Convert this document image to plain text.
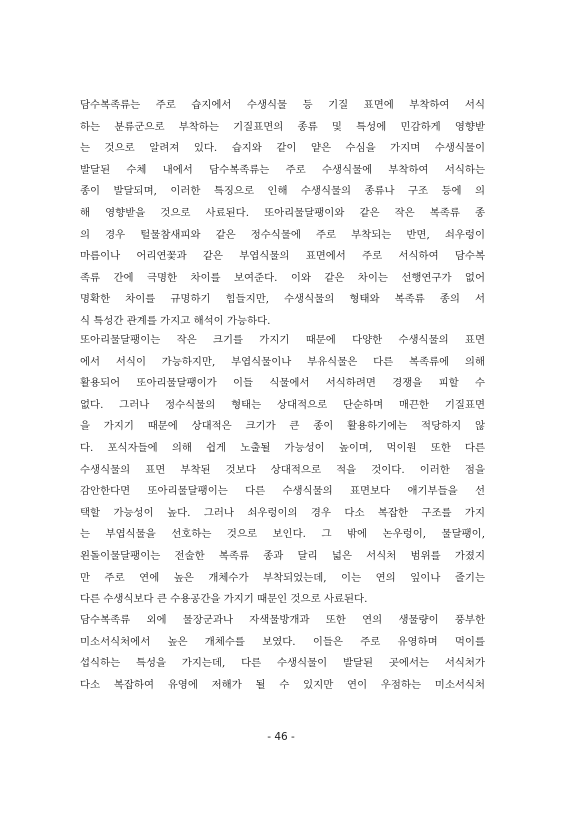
담수복족류는 주로 습지에서 수생식물 등 기질 표면에 부착하여 서식
하는 분류군으로 부착하는 기질표면의 종류 및 특성에 민감하게 영향받
는 것으로 알려져 있다. 습지와 같이 얕은 수심을 가지며 수생식물이
발달된 수체 내에서 담수복족류는 주로 수생식물에 부착하여 서식하는
종이 발달되며, 이러한 특징으로 인해 수생식물의 종류나 구조 등에 의
해 영향받을 것으로 사료된다. 또아리물달팽이와 같은 작은 복족류 종
의 경우 털물참새피와 같은 정수식물에 주로 부착되는 반면, 쇠우렁이
마름이나 어리연꽃과 같은 부엽식물의 표면에서 주로 서식하여 담수복
족류 간에 극명한 차이를 보여준다. 이와 같은 차이는 선행연구가 없어
명확한 차이를 규명하기 힘들지만, 수생식물의 형태와 복족류 종의 서
식 특성간 관계를 가지고 해석이 가능하다.
또아리물달팽이는 작은 크기를 가지기 때문에 다양한 수생식물의 표면
에서 서식이 가능하지만, 부엽식물이나 부유식물은 다른 복족류에 의해
활용되어 또아리물달팽이가 이들 식물에서 서식하려면 경쟁을 피할 수
없다. 그러나 정수식물의 형태는 상대적으로 단순하며 매끈한 기질표면
을 가지기 때문에 상대적은 크기가 큰 종이 활용하기에는 적당하지 않
다. 포식자들에 의해 쉽게 노출될 가능성이 높이며, 먹이원 또한 다른
수생식물의 표면 부착된 것보다 상대적으로 적을 것이다. 이러한 점을
감안한다면 또아리물달팽이는 다른 수생식물의 표면보다 애기부들을 선
택할 가능성이 높다. 그러나 쇠우렁이의 경우 다소 복잡한 구조를 가지
는 부엽식물을 선호하는 것으로 보인다. 그 밖에 논우렁이, 물달팽이,
왼돌이물달팽이는 전술한 복족류 종과 달리 넓은 서식처 범위를 가졌지
만 주로 연에 높은 개체수가 부착되었는데, 이는 연의 잎이나 줄기는
다른 수생식보다 큰 수용공간을 가지기 때문인 것으로 사료된다.
담수복족류 외에 물장군과나 자색물방개과 또한 연의 생물량이 풍부한
미소서식처에서 높은 개체수를 보였다. 이들은 주로 유영하며 먹이를
섭식하는 특성을 가지는데, 다른 수생식물이 발달된 곳에서는 서식처가
다소 복잡하여 유영에 저해가 될 수 있지만 연이 우점하는 미소서식처
- 46 -
